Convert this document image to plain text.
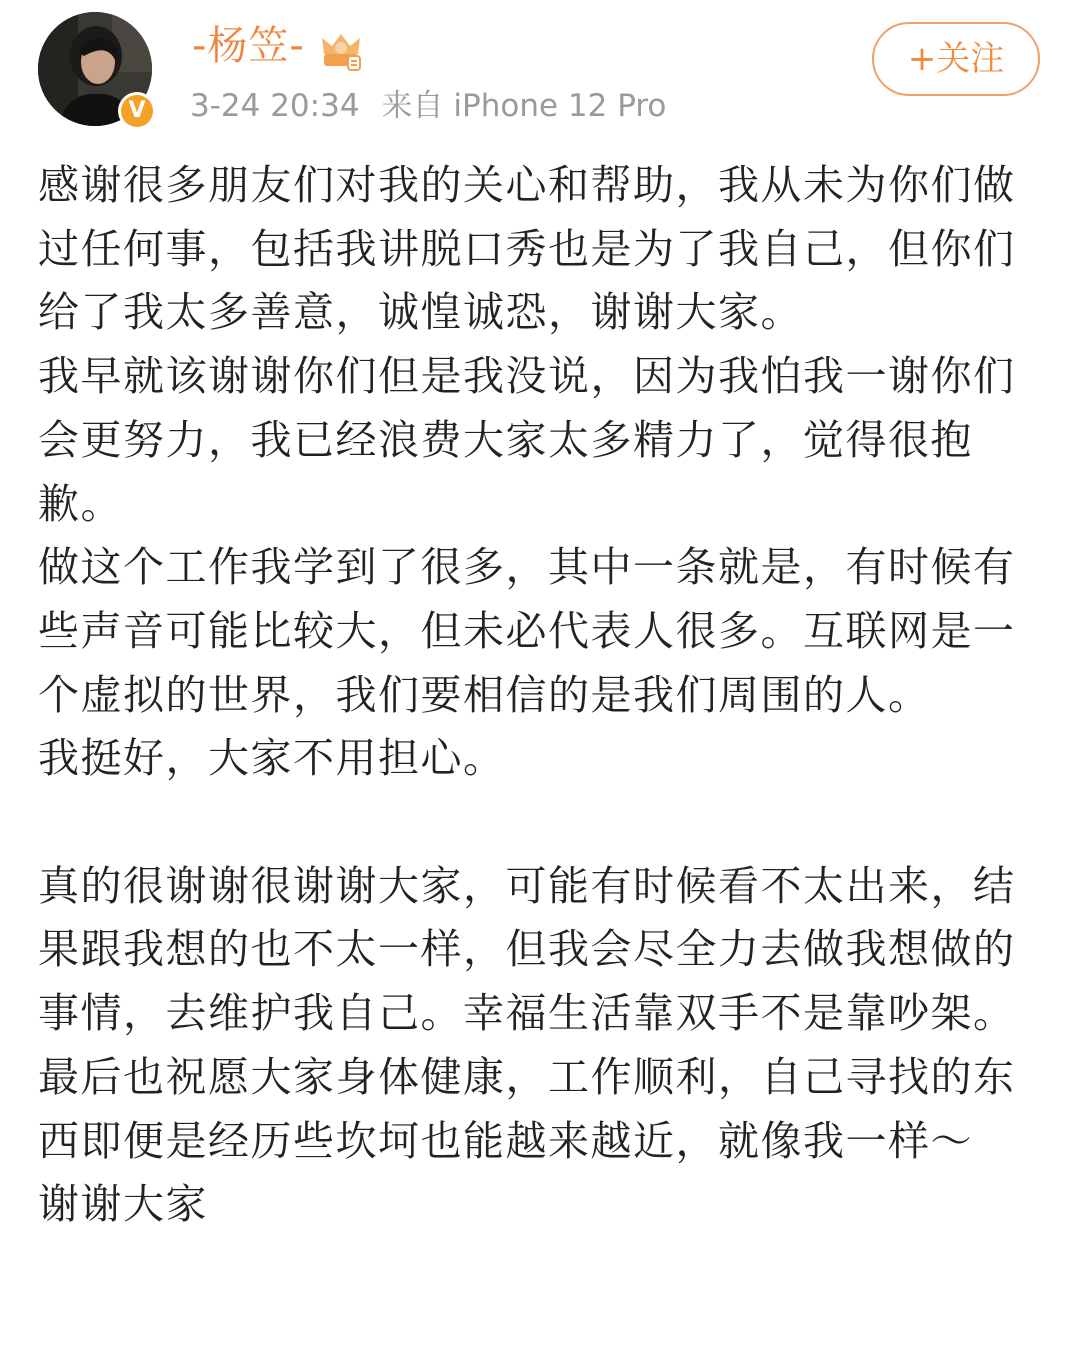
V
-杨笠-
3-24 20:34 来自 iPhone 12 Pro
+关注

感谢很多朋友们对我的关心和帮助，我从未为你们做过任何事，包括我讲脱口秀也是为了我自己，但你们给了我太多善意，诚惶诚恐，谢谢大家。

我早就该谢谢你们但是我没说，因为我怕我一谢你们会更努力，我已经浪费大家太多精力了，觉得很抱歉。

做这个工作我学到了很多，其中一条就是，有时候有些声音可能比较大，但未必代表人很多。互联网是一个虚拟的世界，我们要相信的是我们周围的人。

我挺好，大家不用担心。

真的很谢谢很谢谢大家，可能有时候看不太出来，结果跟我想的也不太一样，但我会尽全力去做我想做的事情，去维护我自己。幸福生活靠双手不是靠吵架。最后也祝愿大家身体健康，工作顺利，自己寻找的东西即便是经历些坎坷也能越来越近，就像我一样～

谢谢大家
